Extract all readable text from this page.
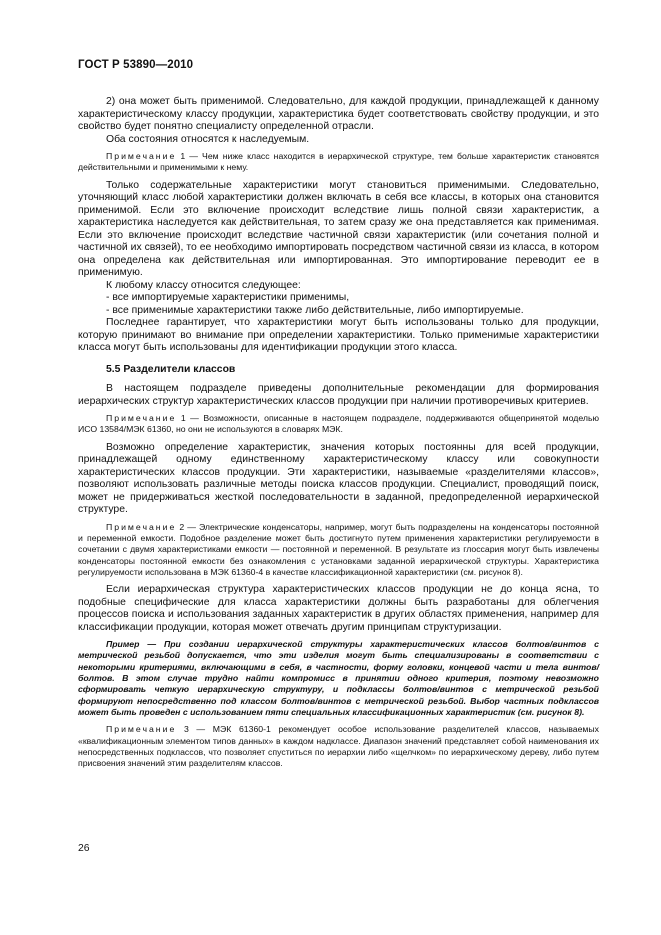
ГОСТ Р 53890—2010

2) она может быть применимой. Следовательно, для каждой продукции, принадлежащей к данному характеристическому классу продукции, характеристика будет соответствовать свойству продукции, и это свойство будет понятно специалисту определенной отрасли.

Оба состояния относятся к наследуемым.

Примечание 1 — Чем ниже класс находится в иерархической структуре, тем больше характеристик становятся действительными и применимыми к нему.

Только содержательные характеристики могут становиться применимыми. Следовательно, уточняющий класс любой характеристики должен включать в себя все классы, в которых она становится применимой. Если это включение происходит вследствие лишь полной связи характеристик, а характеристика наследуется как действительная, то затем сразу же она представляется как применимая. Если это включение происходит вследствие частичной связи характеристик (или сочетания полной и частичной их связей), то ее необходимо импортировать посредством частичной связи из класса, в котором она определена как действительная или импортированная. Это импортирование переводит ее в применимую.

К любому классу относится следующее:

- все импортируемые характеристики применимы,

- все применимые характеристики также либо действительные, либо импортируемые.

Последнее гарантирует, что характеристики могут быть использованы только для продукции, которую принимают во внимание при определении характеристики. Только применимые характеристики класса могут быть использованы для идентификации продукции этого класса.

5.5 Разделители классов

В настоящем подразделе приведены дополнительные рекомендации для формирования иерархических структур характеристических классов продукции при наличии противоречивых критериев.

Примечание 1 — Возможности, описанные в настоящем подразделе, поддерживаются общепринятой моделью ИСО 13584/МЭК 61360, но они не используются в словарях МЭК.

Возможно определение характеристик, значения которых постоянны для всей продукции, принадлежащей одному единственному характеристическому классу или совокупности характеристических классов продукции. Эти характеристики, называемые «разделителями классов», позволяют использовать различные методы поиска классов продукции. Специалист, проводящий поиск, может не придерживаться жесткой последовательности в заданной, предопределенной иерархической структуре.

Примечание 2 — Электрические конденсаторы, например, могут быть подразделены на конденсаторы постоянной и переменной емкости. Подобное разделение может быть достигнуто путем применения характеристики регулируемости в сочетании с двумя характеристиками емкости — постоянной и переменной. В результате из глоссария могут быть извлечены конденсаторы постоянной емкости без ознакомления с установками заданной иерархической структуры. Характеристика регулируемости использована в МЭК 61360-4 в качестве классификационной характеристики (см. рисунок 8).

Если иерархическая структура характеристических классов продукции не до конца ясна, то подобные специфические для класса характеристики должны быть разработаны для облегчения процессов поиска и использования заданных характеристик в других областях применения, например для классификации продукции, которая может отвечать другим принципам структуризации.

Пример — При создании иерархической структуры характеристических классов болтов/винтов с метрической резьбой допускается, что эти изделия могут быть специализированы в соответствии с некоторыми критериями, включающими в себя, в частности, форму головки, концевой части и тела винтов/болтов. В этом случае трудно найти компромисс в принятии одного критерия, поэтому невозможно сформировать четкую иерархическую структуру, и подклассы болтов/винтов с метрической резьбой формируют непосредственно под классом болтов/винтов с метрической резьбой. Выбор частных подклассов может быть проведен с использованием пяти специальных классификационных характеристик (см. рисунок 8).

Примечание 3 — МЭК 61360-1 рекомендует особое использование разделителей классов, называемых «квалификационным элементом типов данных» в каждом надклассе. Диапазон значений представляет собой наименования их непосредственных подклассов, что позволяет спуститься по иерархии либо «щелчком» по иерархическому дереву, либо путем присвоения значений этим разделителям классов.

26
